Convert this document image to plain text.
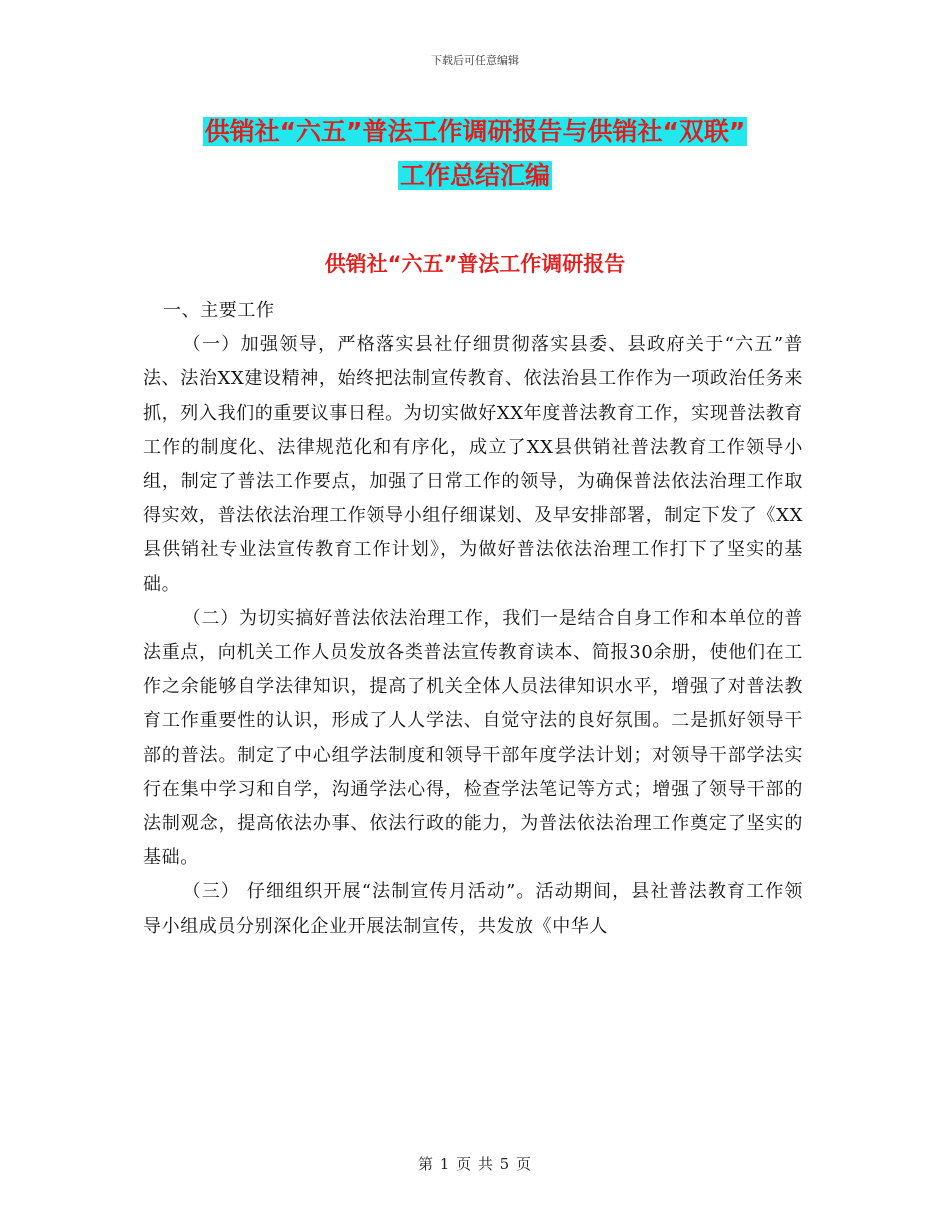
下载后可任意编辑
供销社“六五”普法工作调研报告与供销社“双联”
工作总结汇编
供销社“六五”普法工作调研报告

一、主要工作

（一）加强领导，严格落实县社仔细贯彻落实县委、县政府关于“六五”普法、法治XX建设精神，始终把法制宣传教育、依法治县工作作为一项政治任务来抓，列入我们的重要议事日程。为切实做好XX年度普法教育工作，实现普法教育工作的制度化、法律规范化和有序化，成立了XX县供销社普法教育工作领导小组，制定了普法工作要点，加强了日常工作的领导，为确保普法依法治理工作取得实效，普法依法治理工作领导小组仔细谋划、及早安排部署，制定下发了《XX县供销社专业法宣传教育工作计划》，为做好普法依法治理工作打下了坚实的基础。

（二）为切实搞好普法依法治理工作，我们一是结合自身工作和本单位的普法重点，向机关工作人员发放各类普法宣传教育读本、简报30余册，使他们在工作之余能够自学法律知识，提高了机关全体人员法律知识水平，增强了对普法教育工作重要性的认识，形成了人人学法、自觉守法的良好氛围。二是抓好领导干部的普法。制定了中心组学法制度和领导干部年度学法计划；对领导干部学法实行在集中学习和自学，沟通学法心得，检查学法笔记等方式；增强了领导干部的法制观念，提高依法办事、依法行政的能力，为普法依法治理工作奠定了坚实的基础。

（三） 仔细组织开展“法制宣传月活动”。活动期间，县社普法教育工作领导小组成员分别深化企业开展法制宣传，共发放《中华人

第 1 页 共 5 页
